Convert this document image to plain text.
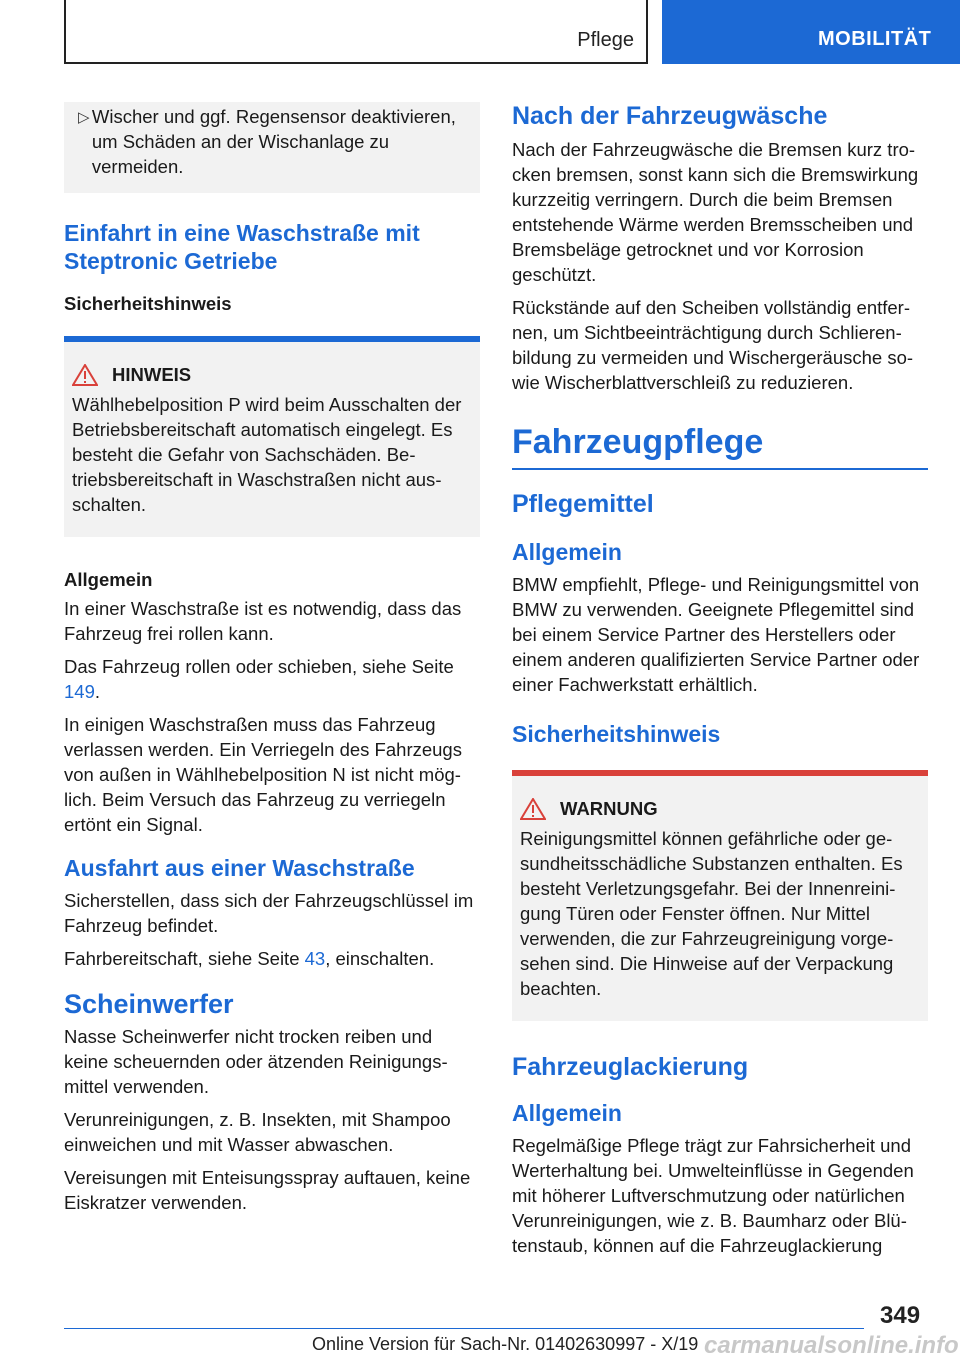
Pflege	MOBILITÄT
▷ Wischer und ggf. Regensensor deaktivieren, um Schäden an der Wischanlage zu vermeiden.

Einfahrt in eine Waschstraße mit Steptronic Getriebe
Sicherheitshinweis
HINWEIS

Wählhebelposition P wird beim Ausschalten der Betriebsbereitschaft automatisch eingelegt. Es besteht die Gefahr von Sachschäden. Betriebsbereitschaft in Waschstraßen nicht ausschalten.

Allgemein

In einer Waschstraße ist es notwendig, dass das Fahrzeug frei rollen kann.

Das Fahrzeug rollen oder schieben, siehe Seite 149.

In einigen Waschstraßen muss das Fahrzeug verlassen werden. Ein Verriegeln des Fahrzeugs von außen in Wählhebelposition N ist nicht möglich. Beim Versuch das Fahrzeug zu verriegeln ertönt ein Signal.

Ausfahrt aus einer Waschstraße

Sicherstellen, dass sich der Fahrzeugschlüssel im Fahrzeug befindet.

Fahrbereitschaft, siehe Seite 43, einschalten.

Scheinwerfer

Nasse Scheinwerfer nicht trocken reiben und keine scheuernden oder ätzenden Reinigungsmittel verwenden.

Verunreinigungen, z. B. Insekten, mit Shampoo einweichen und mit Wasser abwaschen.

Vereisungen mit Enteisungsspray auftauen, keine Eiskratzer verwenden.

Nach der Fahrzeugwäsche

Nach der Fahrzeugwäsche die Bremsen kurz trocken bremsen, sonst kann sich die Bremswirkung kurzzeitig verringern. Durch die beim Bremsen entstehende Wärme werden Bremsscheiben und Bremsbeläge getrocknet und vor Korrosion geschützt.

Rückstände auf den Scheiben vollständig entfernen, um Sichtbeeinträchtigung durch Schlierenbildung zu vermeiden und Wischergeräusche sowie Wischerblattverschleiß zu reduzieren.

Fahrzeugpflege
Pflegemittel
Allgemein

BMW empfiehlt, Pflege- und Reinigungsmittel von BMW zu verwenden. Geeignete Pflegemittel sind bei einem Service Partner des Herstellers oder einem anderen qualifizierten Service Partner oder einer Fachwerkstatt erhältlich.

Sicherheitshinweis
WARNUNG

Reinigungsmittel können gefährliche oder gesundheitsschädliche Substanzen enthalten. Es besteht Verletzungsgefahr. Bei der Innenreinigung Türen oder Fenster öffnen. Nur Mittel verwenden, die zur Fahrzeugreinigung vorgesehen sind. Die Hinweise auf der Verpackung beachten.

Fahrzeuglackierung
Allgemein

Regelmäßige Pflege trägt zur Fahrsicherheit und Werterhaltung bei. Umwelteinflüsse in Gegenden mit höherer Luftverschmutzung oder natürlichen Verunreinigungen, wie z. B. Baumharz oder Blütenstaub, können auf die Fahrzeuglackierung

349
Online Version für Sach-Nr. 01402630997 - X/19 carmanualsonline.info
